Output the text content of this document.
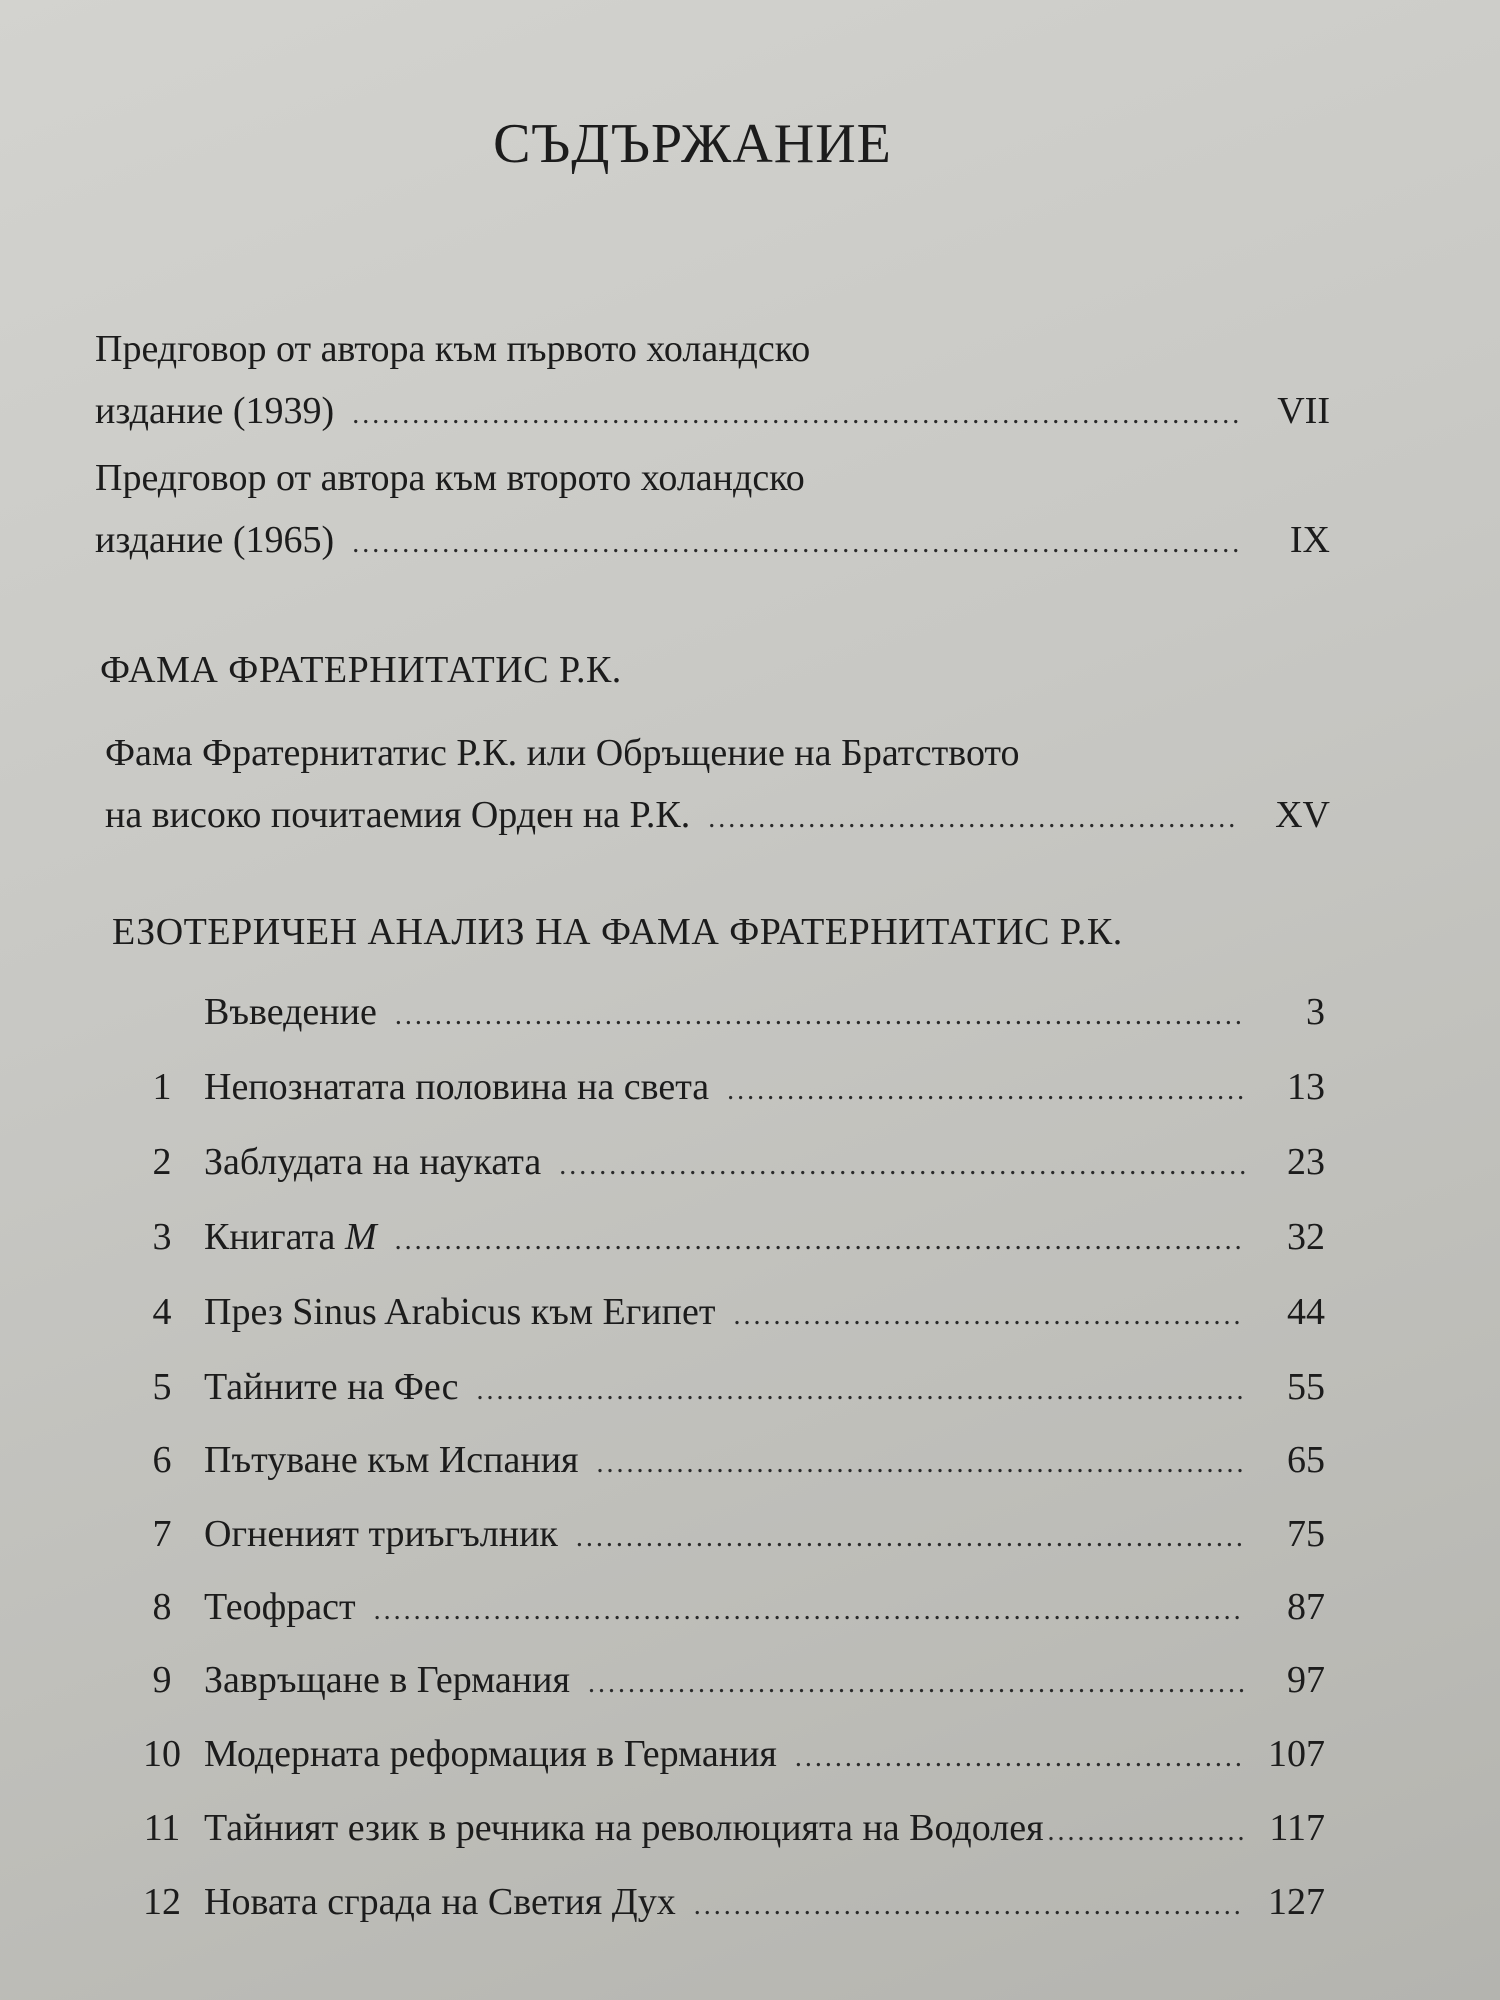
СЪДЪРЖАНИЕ
Предговор от автора към първото холандско
издание (1939) .....	VII
Предговор от автора към второто холандско
издание (1965) .....	IX
ФАМА ФРАТЕРНИТАТИС Р.К.
Фама Фратернитатис Р.К. или Обръщение на Братството
на високо почитаемия Орден на Р.К. .....	XV
ЕЗОТЕРИЧЕН АНАЛИЗ НА ФАМА ФРАТЕРНИТАТИС Р.К.
Въведение .....	3
1 Непознатата половина на света .....	13
2 Заблудата на науката .....	23
3 Книгата М .....	32
4 През Sinus Arabicus към Египет .....	44
5 Тайните на Фес .....	55
6 Пътуване към Испания .....	65
7 Огненият триъгълник .....	75
8 Теофраст .....	87
9 Завръщане в Германия .....	97
10 Модерната реформация в Германия .....	107
11 Тайният език в речника на революцията на Водолея .....	117
12 Новата сграда на Светия Дух .....	127
